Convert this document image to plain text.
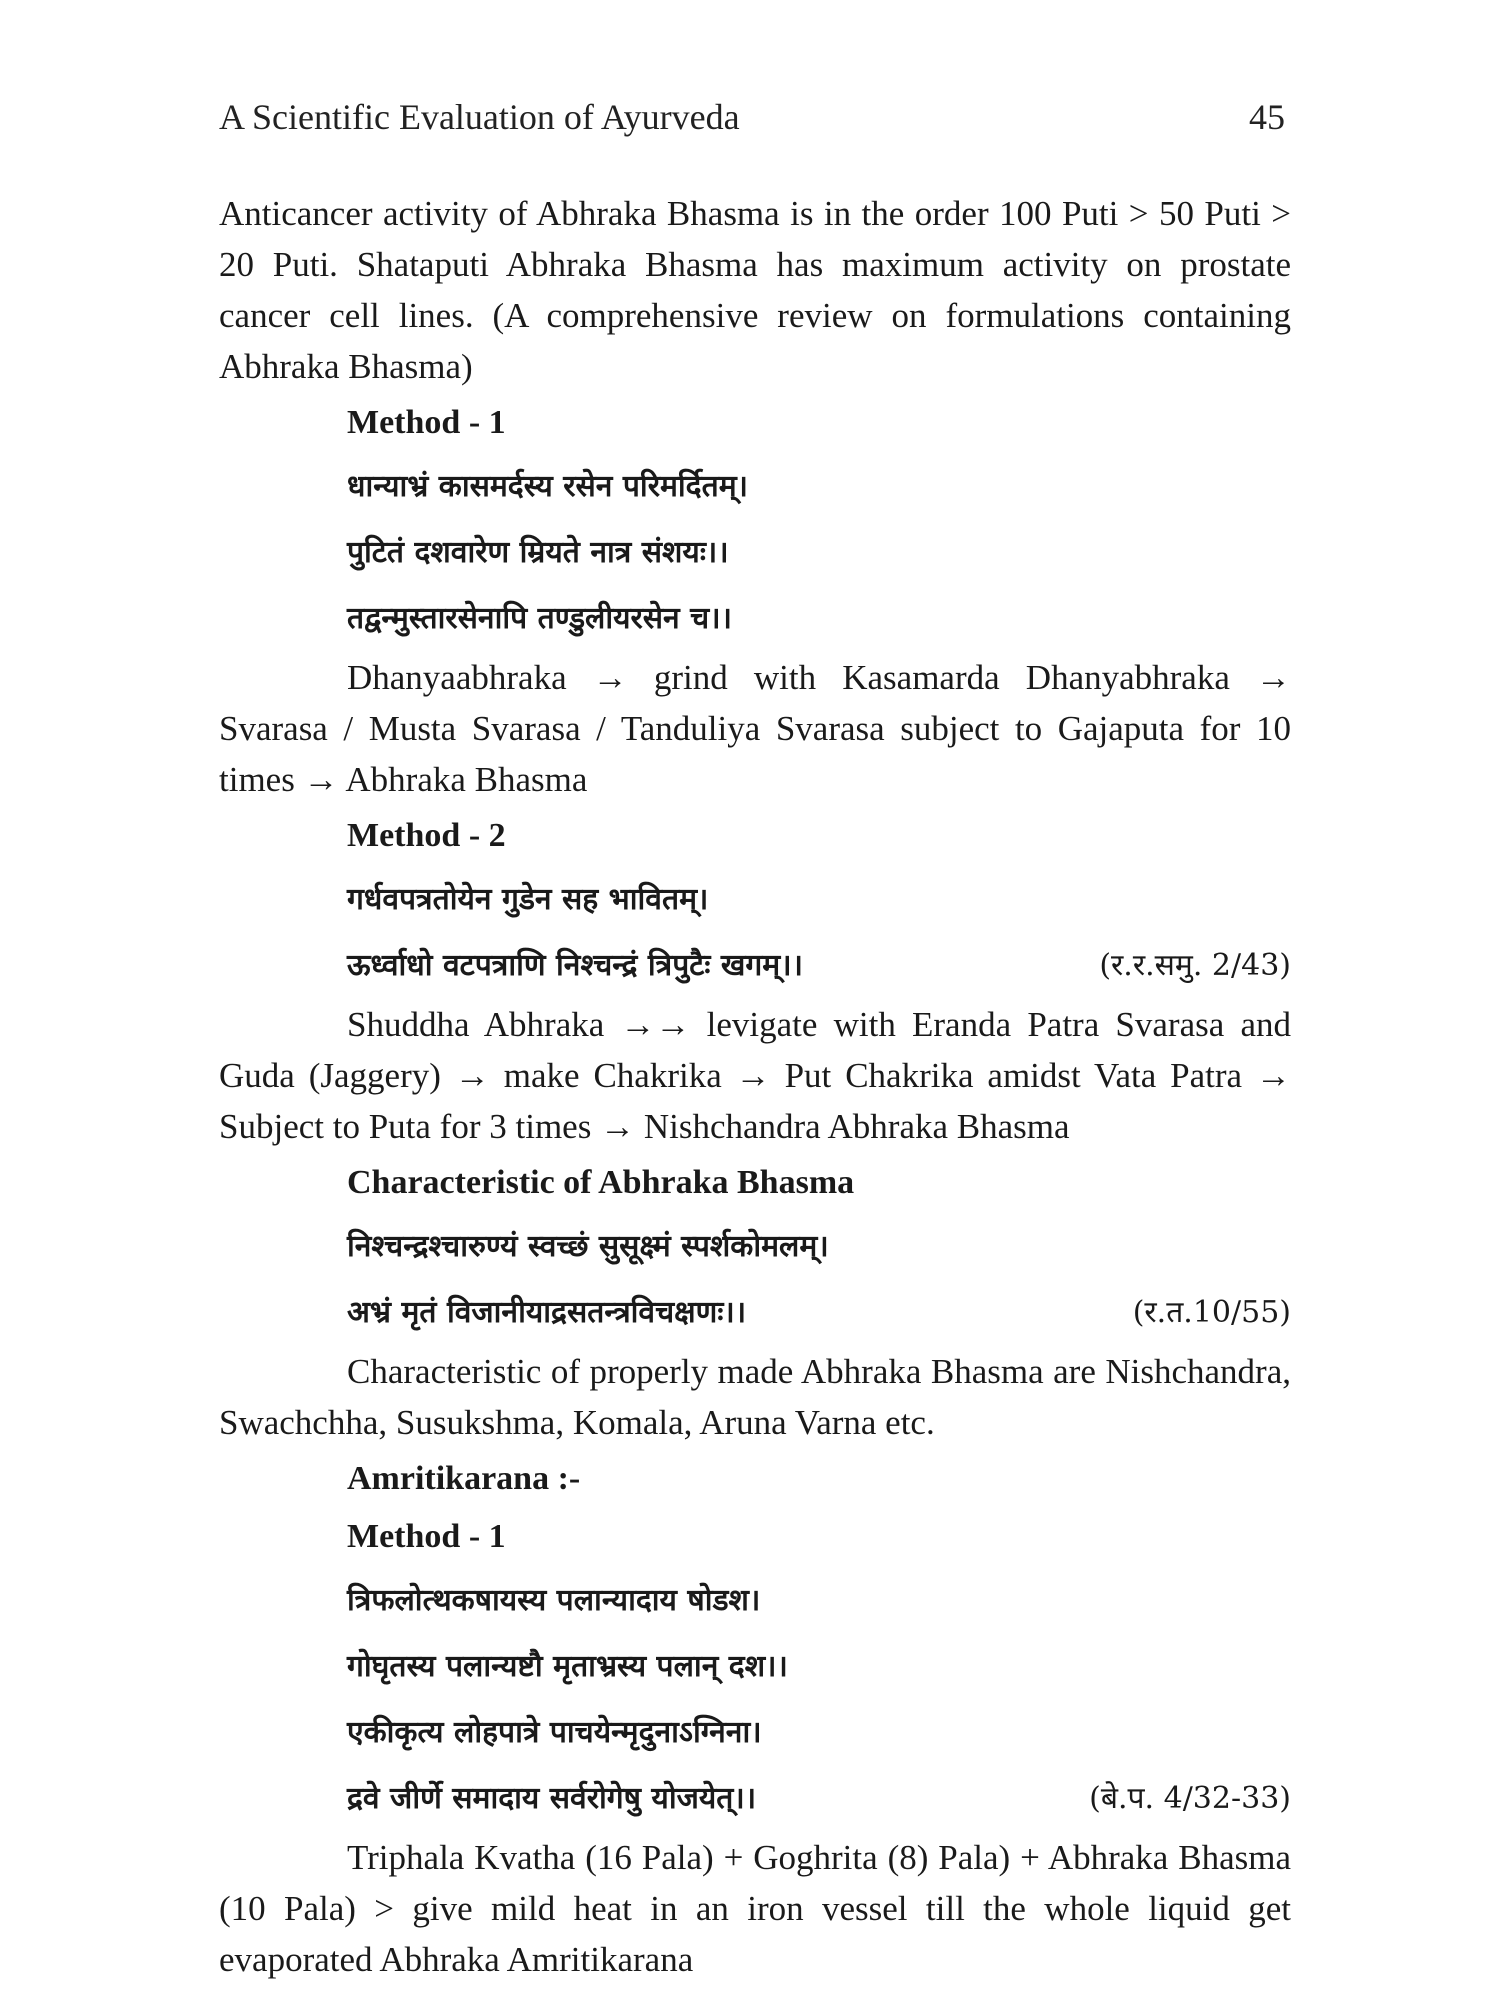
A Scientific Evaluation of Ayurveda	45

Anticancer activity of Abhraka Bhasma is in the order 100 Puti > 50 Puti > 20 Puti. Shataputi Abhraka Bhasma has maximum activity on prostate cancer cell lines. (A comprehensive review on formulations containing Abhraka Bhasma)

Method - 1
धान्याभ्रं कासमर्दस्य रसेन परिमर्दितम्।
पुटितं दशवारेण म्रियते नात्र संशयः।।
तद्वन्मुस्तारसेनापि तण्डुलीयरसेन च।।

Dhanyaabhraka → grind with Kasamarda Dhanyabhraka → Svarasa / Musta Svarasa / Tanduliya Svarasa subject to Gajaputa for 10 times → Abhraka Bhasma

Method - 2
गर्धवपत्रतोयेन गुडेन सह भावितम्।
ऊर्ध्वाधो वटपत्राणि निश्चन्द्रं त्रिपुटैः खगम्।।	(र.र.समु. 2/43)

Shuddha Abhraka →→ levigate with Eranda Patra Svarasa and Guda (Jaggery) → make Chakrika → Put Chakrika amidst Vata Patra → Subject to Puta for 3 times → Nishchandra Abhraka Bhasma

Characteristic of Abhraka Bhasma
निश्चन्द्रश्चारुण्यं स्वच्छं सुसूक्ष्मं स्पर्शकोमलम्।
अभ्रं मृतं विजानीयाद्रसतन्त्रविचक्षणः।।	(र.त.10/55)

Characteristic of properly made Abhraka Bhasma are Nishchandra, Swachchha, Susukshma, Komala, Aruna Varna etc.

Amritikarana :-
Method - 1
त्रिफलोत्थकषायस्य पलान्यादाय षोडश।
गोघृतस्य पलान्यष्टौ मृताभ्रस्य पलान् दश।।
एकीकृत्य लोहपात्रे पाचयेन्मृदुनाऽग्निना।
द्रवे जीर्णे समादाय सर्वरोगेषु योजयेत्।।	(बे.प. 4/32-33)

Triphala Kvatha (16 Pala) + Goghrita (8) Pala) + Abhraka Bhasma (10 Pala) > give mild heat in an iron vessel till the whole liquid get evaporated Abhraka Amritikarana
